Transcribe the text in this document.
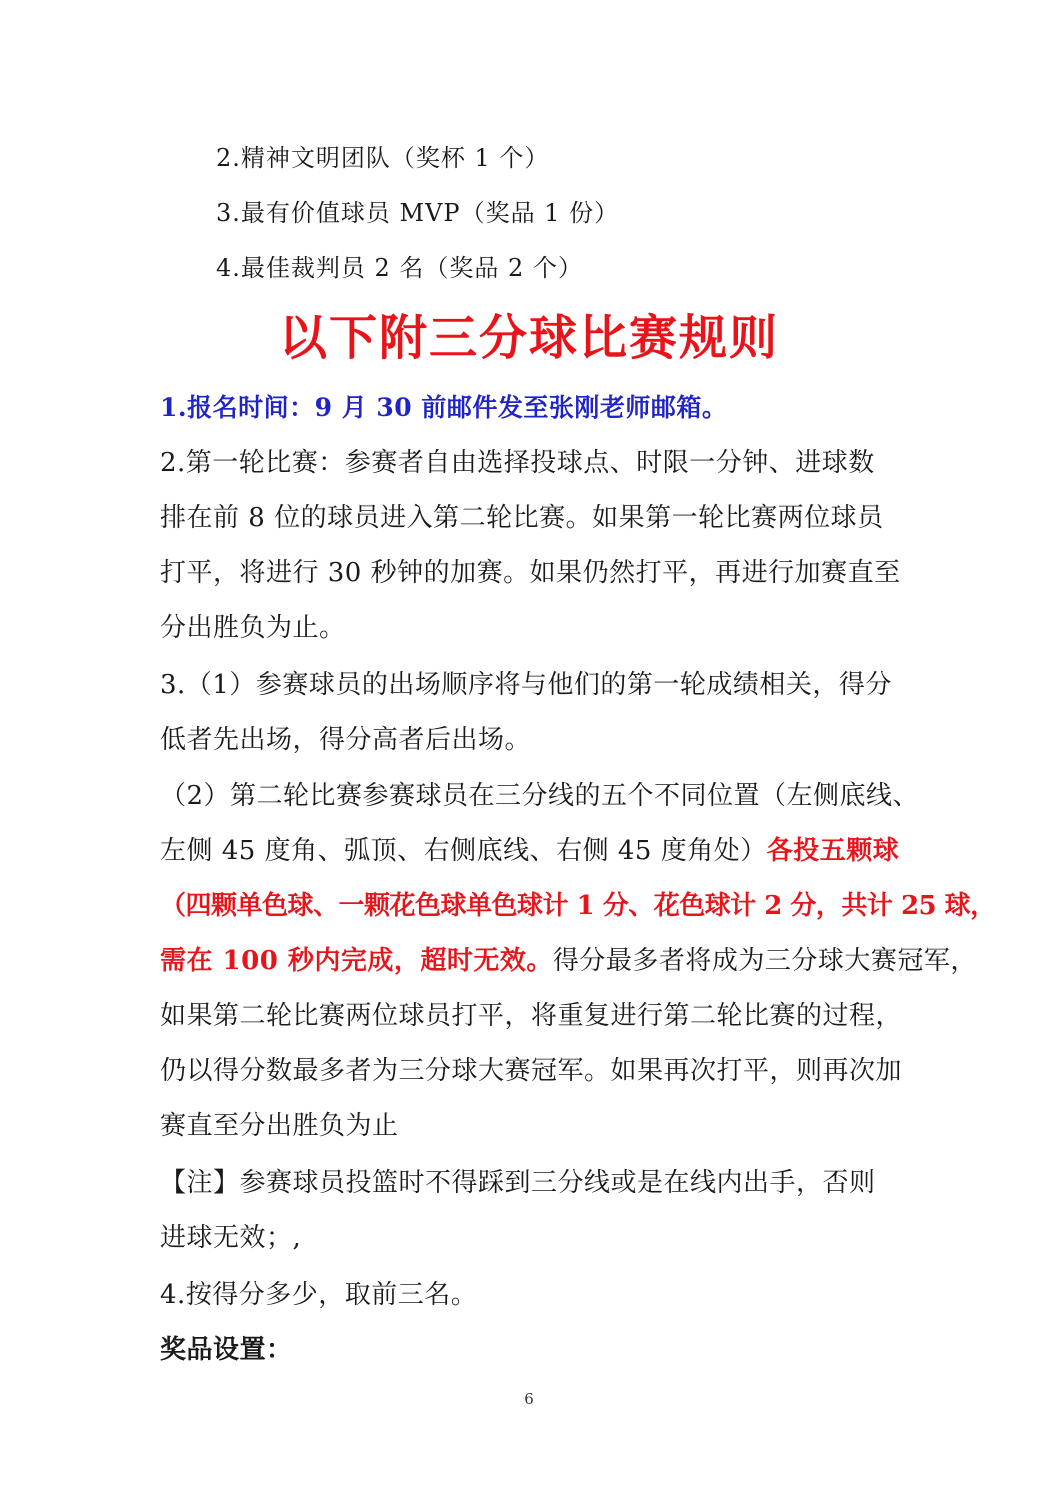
2.精神文明团队（奖杯 1 个）
3.最有价值球员 MVP（奖品 1 份）
4.最佳裁判员 2 名（奖品 2 个）
以下附三分球比赛规则
1.报名时间：9 月 30 前邮件发至张刚老师邮箱。
2.第一轮比赛：参赛者自由选择投球点、时限一分钟、进球数
排在前 8 位的球员进入第二轮比赛。如果第一轮比赛两位球员
打平，将进行 30 秒钟的加赛。如果仍然打平，再进行加赛直至
分出胜负为止。
3.（1）参赛球员的出场顺序将与他们的第一轮成绩相关，得分
低者先出场，得分高者后出场。
（2）第二轮比赛参赛球员在三分线的五个不同位置（左侧底线、
左侧 45 度角、弧顶、右侧底线、右侧 45 度角处）各投五颗球
（四颗单色球、一颗花色球单色球计 1 分、花色球计 2 分，共计 25 球，
需在 100 秒内完成，超时无效。得分最多者将成为三分球大赛冠军，
如果第二轮比赛两位球员打平，将重复进行第二轮比赛的过程，
仍以得分数最多者为三分球大赛冠军。如果再次打平，则再次加
赛直至分出胜负为止
【注】参赛球员投篮时不得踩到三分线或是在线内出手，否则
进球无效；,
4.按得分多少，取前三名。
奖品设置：
6
